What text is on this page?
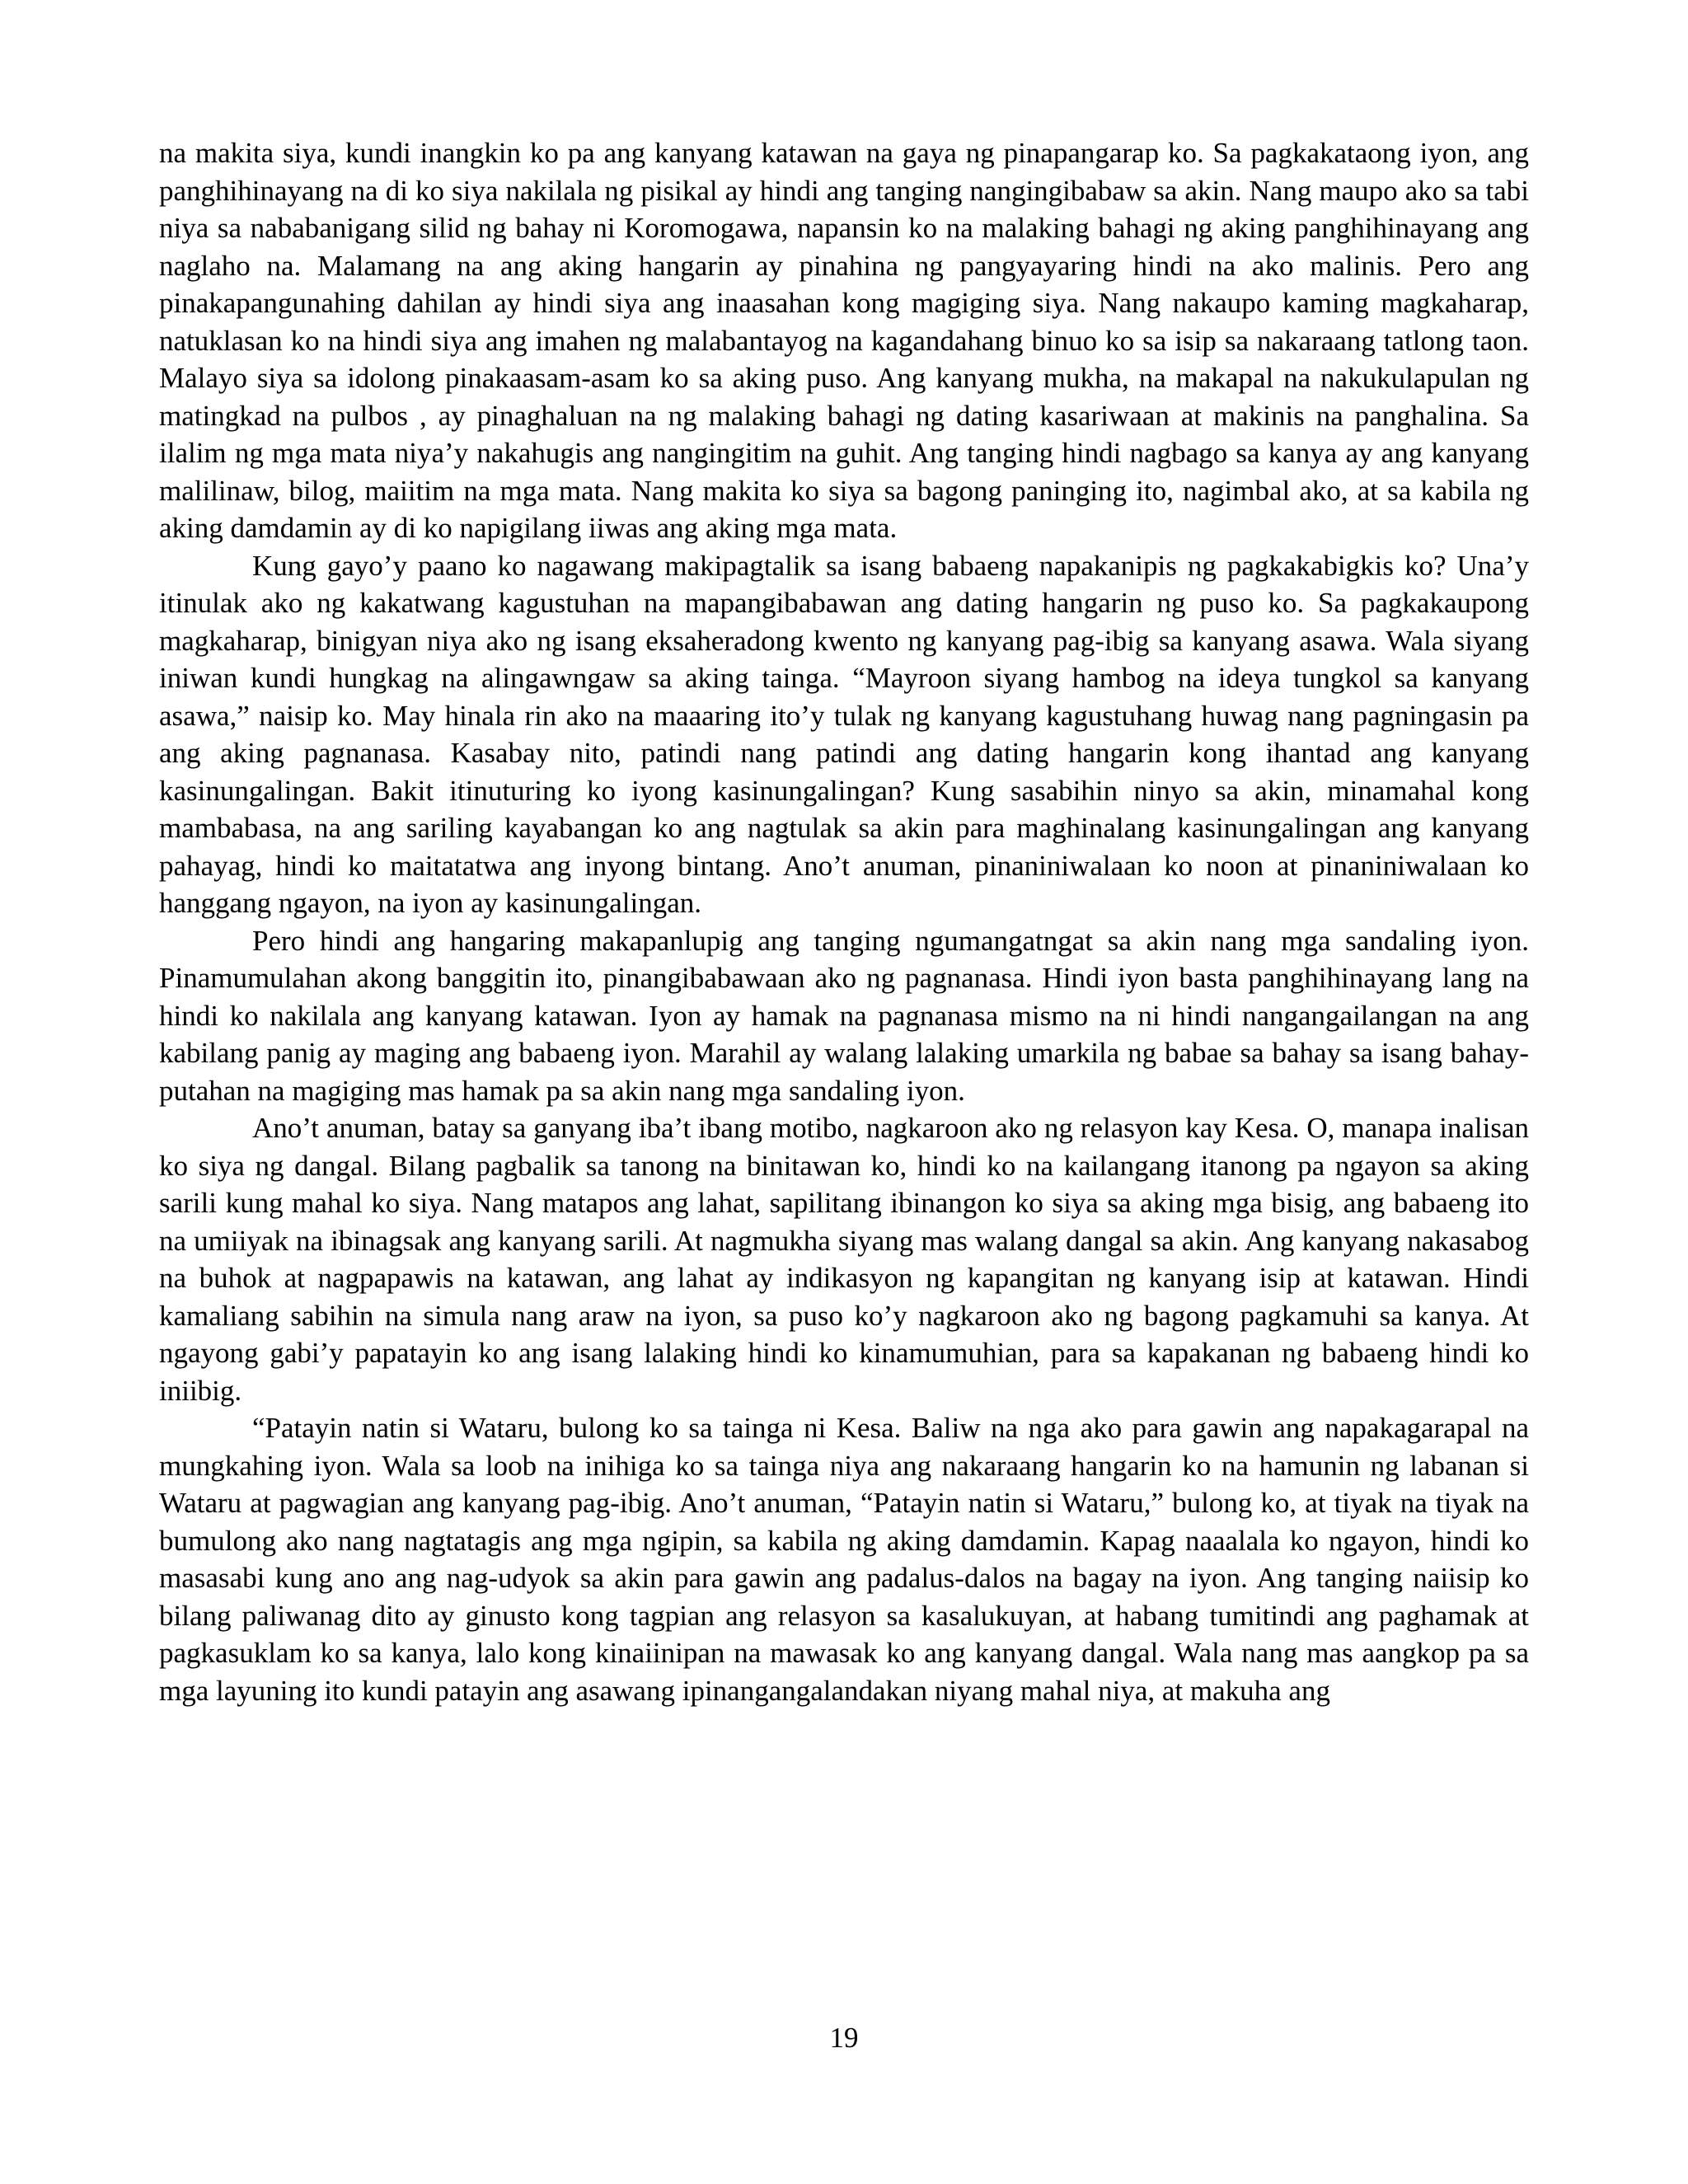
na makita siya, kundi inangkin ko pa ang kanyang katawan na gaya ng pinapangarap ko. Sa pagkakataong iyon, ang panghihinayang na di ko siya nakilala ng pisikal ay hindi ang tanging nangingibabaw sa akin. Nang maupo ako sa tabi niya sa nababanigang silid ng bahay ni Koromogawa, napansin ko na malaking bahagi ng aking panghihinayang ang naglaho na. Malamang na ang aking hangarin ay pinahina ng pangyayaring hindi na ako malinis. Pero ang pinakapangunahing dahilan ay hindi siya ang inaasahan kong magiging siya. Nang nakaupo kaming magkaharap, natuklasan ko na hindi siya ang imahen ng malabantayog na kagandahang binuo ko sa isip sa nakaraang tatlong taon. Malayo siya sa idolong pinakaasam-asam ko sa aking puso. Ang kanyang mukha, na makapal na nakukulapulan ng matingkad na pulbos , ay pinaghaluan na ng malaking bahagi ng dating kasariwaan at makinis na panghalina. Sa ilalim ng mga mata niya’y nakahugis ang nangingitim na guhit. Ang tanging hindi nagbago sa kanya ay ang kanyang malilinaw, bilog, maiitim na mga mata. Nang makita ko siya sa bagong paninging ito, nagimbal ako, at sa kabila ng aking damdamin ay di ko napigilang iiwas ang aking mga mata.

Kung gayo’y paano ko nagawang makipagtalik sa isang babaeng napakanipis ng pagkakabigkis ko? Una’y itinulak ako ng kakatwang kagustuhan na mapangibabawan ang dating hangarin ng puso ko. Sa pagkakaupong magkaharap, binigyan niya ako ng isang eksaheradong kwento ng kanyang pag-ibig sa kanyang asawa. Wala siyang iniwan kundi hungkag na alingawngaw sa aking tainga. “Mayroon siyang hambog na ideya tungkol sa kanyang asawa,” naisip ko. May hinala rin ako na maaaring ito’y tulak ng kanyang kagustuhang huwag nang pagningasin pa ang aking pagnanasa. Kasabay nito, patindi nang patindi ang dating hangarin kong ihantad ang kanyang kasinungalingan. Bakit itinuturing ko iyong kasinungalingan? Kung sasabihin ninyo sa akin, minamahal kong mambabasa, na ang sariling kayabangan ko ang nagtulak sa akin para maghinalang kasinungalingan ang kanyang pahayag, hindi ko maitatatwa ang inyong bintang. Ano’t anuman, pinaniniwalaan ko noon at pinaniniwalaan ko hanggang ngayon, na iyon ay kasinungalingan.

Pero hindi ang hangaring makapanlupig ang tanging ngumangatngat sa akin nang mga sandaling iyon. Pinamumulahan akong banggitin ito, pinangibabawaan ako ng pagnanasa. Hindi iyon basta panghihinayang lang na hindi ko nakilala ang kanyang katawan. Iyon ay hamak na pagnanasa mismo na ni hindi nangangailangan na ang kabilang panig ay maging ang babaeng iyon. Marahil ay walang lalaking umarkila ng babae sa bahay sa isang bahay-putahan na magiging mas hamak pa sa akin nang mga sandaling iyon.

Ano’t anuman, batay sa ganyang iba’t ibang motibo, nagkaroon ako ng relasyon kay Kesa. O, manapa inalisan ko siya ng dangal. Bilang pagbalik sa tanong na binitawan ko, hindi ko na kailangang itanong pa ngayon sa aking sarili kung mahal ko siya. Nang matapos ang lahat, sapilitang ibinangon ko siya sa aking mga bisig, ang babaeng ito na umiiyak na ibinagsak ang kanyang sarili. At nagmukha siyang mas walang dangal sa akin. Ang kanyang nakasabog na buhok at nagpapawis na katawan, ang lahat ay indikasyon ng kapangitan ng kanyang isip at katawan. Hindi kamaliang sabihin na simula nang araw na iyon, sa puso ko’y nagkaroon ako ng bagong pagkamuhi sa kanya. At ngayong gabi’y papatayin ko ang isang lalaking hindi ko kinamumuhian, para sa kapakanan ng babaeng hindi ko iniibig.

“Patayin natin si Wataru, bulong ko sa tainga ni Kesa. Baliw na nga ako para gawin ang napakagarapal na mungkahing iyon. Wala sa loob na inihiga ko sa tainga niya ang nakaraang hangarin ko na hamunin ng labanan si Wataru at pagwagian ang kanyang pag-ibig. Ano’t anuman, “Patayin natin si Wataru,” bulong ko, at tiyak na tiyak na bumulong ako nang nagtatagis ang mga ngipin, sa kabila ng aking damdamin. Kapag naaalala ko ngayon, hindi ko masasabi kung ano ang nag-udyok sa akin para gawin ang padalus-dalos na bagay na iyon. Ang tanging naiisip ko bilang paliwanag dito ay ginusto kong tagpian ang relasyon sa kasalukuyan, at habang tumitindi ang paghamak at pagkasuklam ko sa kanya, lalo kong kinaiinipan na mawasak ko ang kanyang dangal. Wala nang mas aangkop pa sa mga layuning ito kundi patayin ang asawang ipinangangalandakan niyang mahal niya, at makuha ang

19
